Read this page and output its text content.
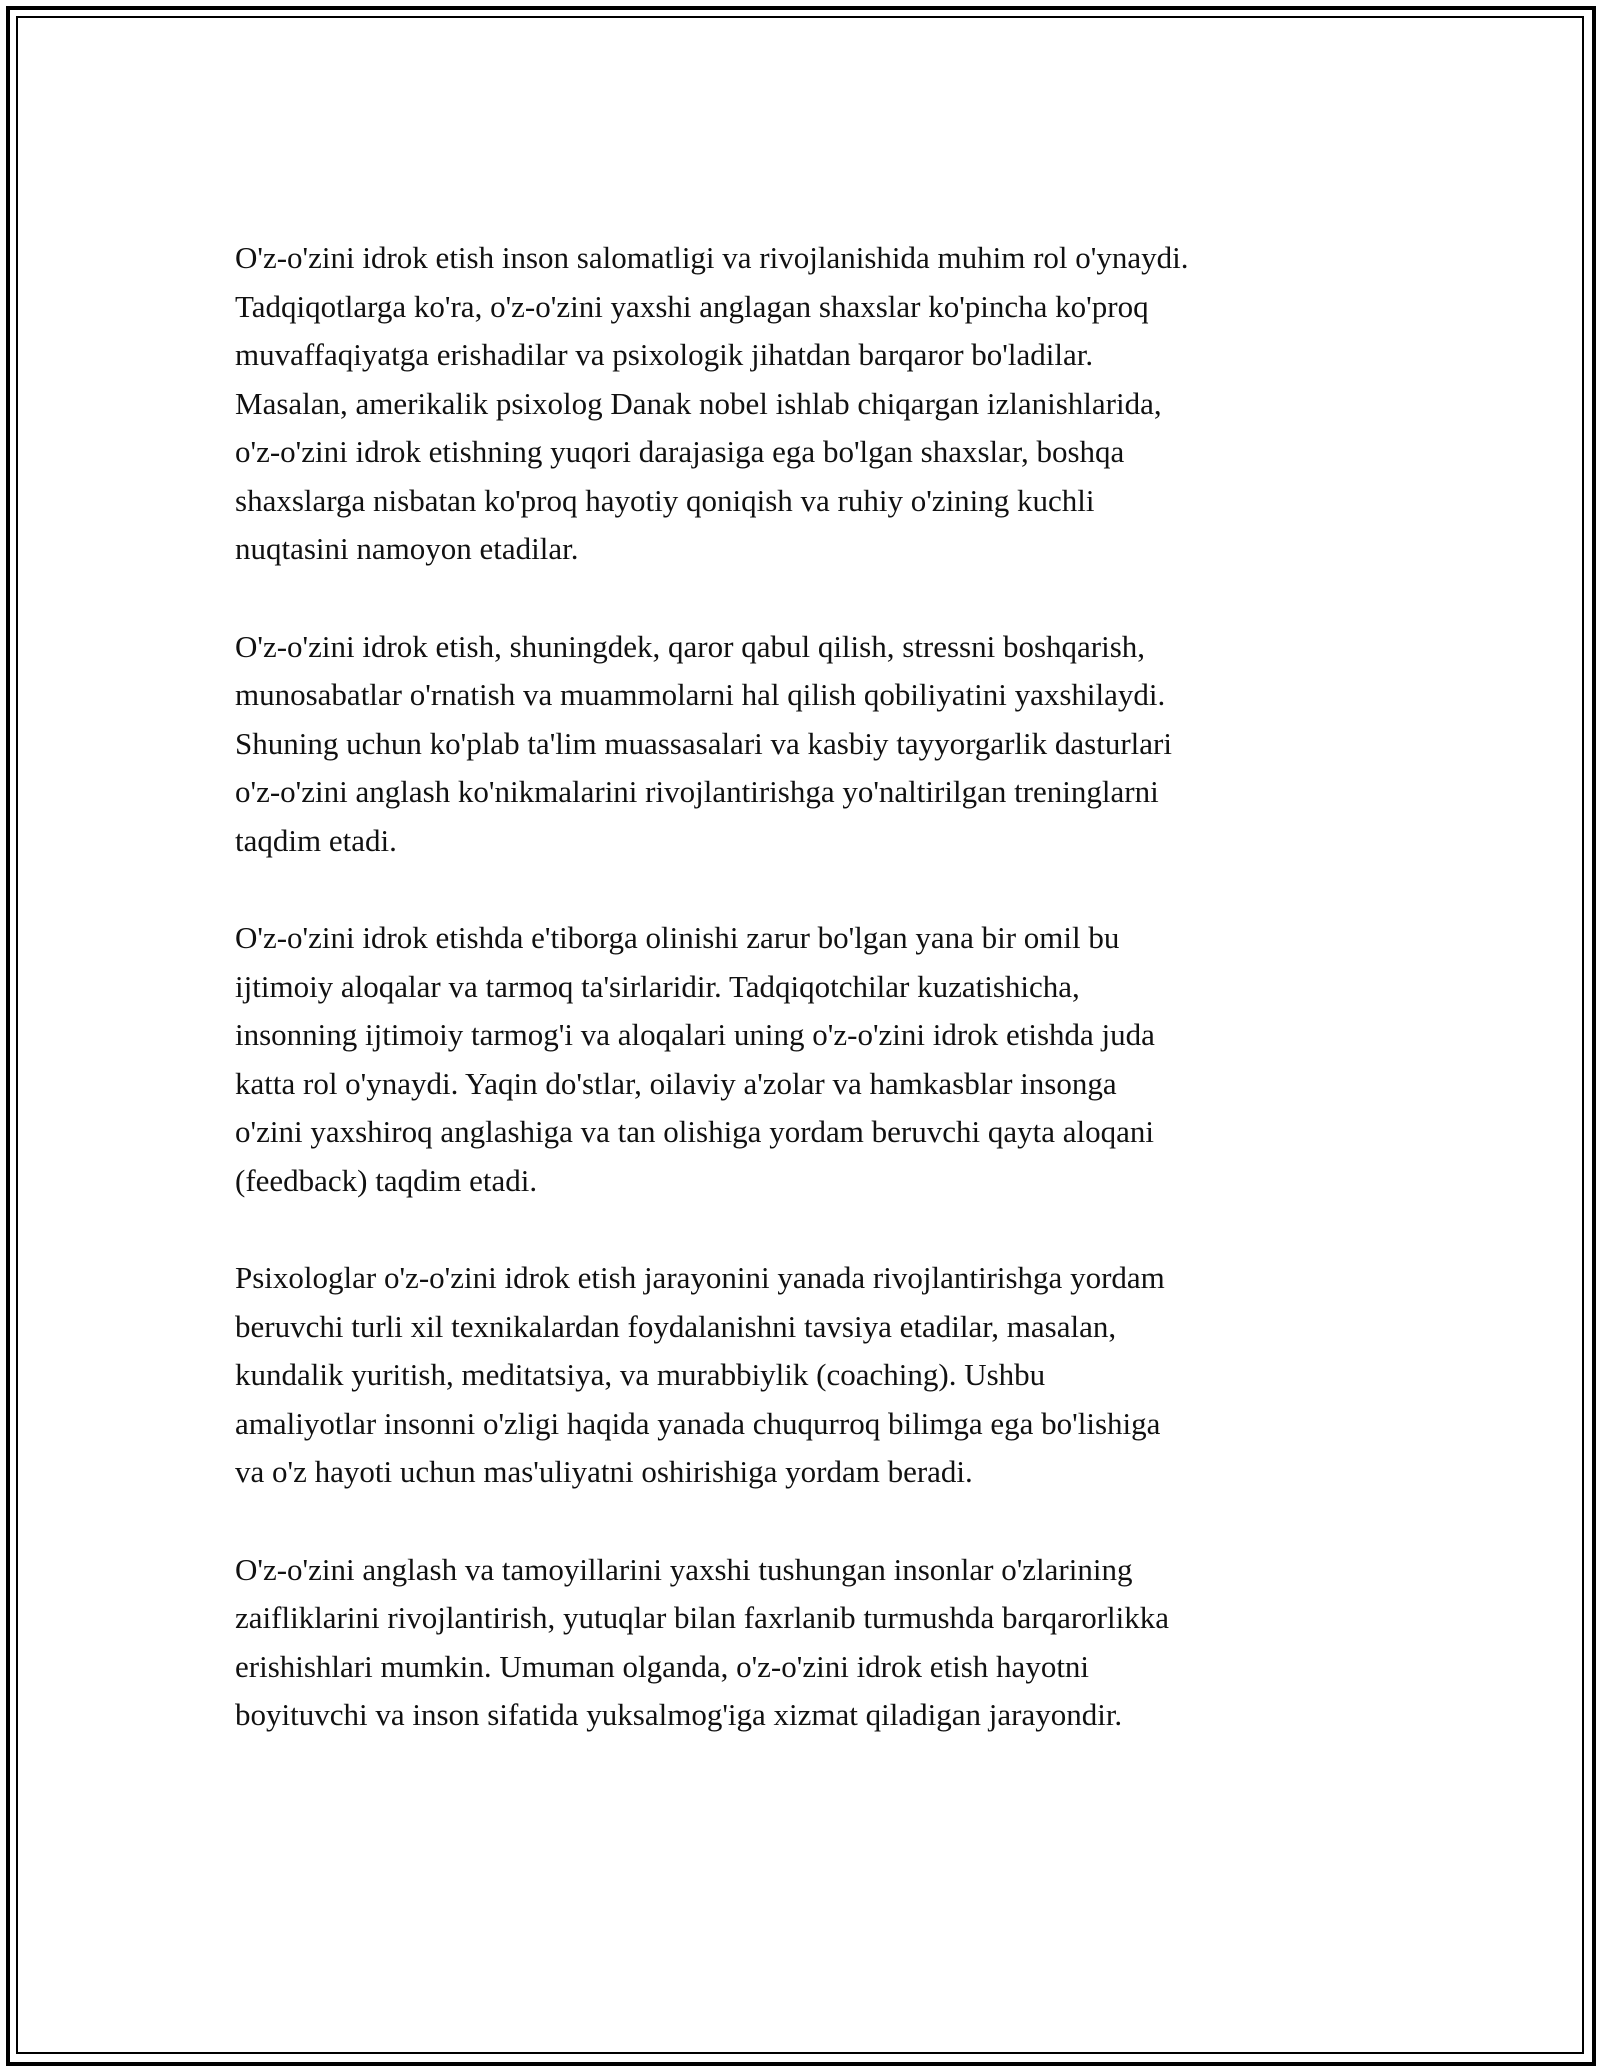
O'z-o'zini idrok etish inson salomatligi va rivojlanishida muhim rol o'ynaydi.
Tadqiqotlarga ko'ra, o'z-o'zini yaxshi anglagan shaxslar ko'pincha ko'proq
muvaffaqiyatga erishadilar va psixologik jihatdan barqaror bo'ladilar.
Masalan, amerikalik psixolog Danak nobel ishlab chiqargan izlanishlarida,
o'z-o'zini idrok etishning yuqori darajasiga ega bo'lgan shaxslar, boshqa
shaxslarga nisbatan ko'proq hayotiy qoniqish va ruhiy o'zining kuchli
nuqtasini namoyon etadilar.

O'z-o'zini idrok etish, shuningdek, qaror qabul qilish, stressni boshqarish,
munosabatlar o'rnatish va muammolarni hal qilish qobiliyatini yaxshilaydi.
Shuning uchun ko'plab ta'lim muassasalari va kasbiy tayyorgarlik dasturlari
o'z-o'zini anglash ko'nikmalarini rivojlantirishga yo'naltirilgan treninglarni
taqdim etadi.

O'z-o'zini idrok etishda e'tiborga olinishi zarur bo'lgan yana bir omil bu
ijtimoiy aloqalar va tarmoq ta'sirlaridir. Tadqiqotchilar kuzatishicha,
insonning ijtimoiy tarmog'i va aloqalari uning o'z-o'zini idrok etishda juda
katta rol o'ynaydi. Yaqin do'stlar, oilaviy a'zolar va hamkasblar insonga
o'zini yaxshiroq anglashiga va tan olishiga yordam beruvchi qayta aloqani
(feedback) taqdim etadi.

Psixologlar o'z-o'zini idrok etish jarayonini yanada rivojlantirishga yordam
beruvchi turli xil texnikalardan foydalanishni tavsiya etadilar, masalan,
kundalik yuritish, meditatsiya, va murabbiylik (coaching). Ushbu
amaliyotlar insonni o'zligi haqida yanada chuqurroq bilimga ega bo'lishiga
va o'z hayoti uchun mas'uliyatni oshirishiga yordam beradi.

O'z-o'zini anglash va tamoyillarini yaxshi tushungan insonlar o'zlarining
zaifliklarini rivojlantirish, yutuqlar bilan faxrlanib turmushda barqarorlikka
erishishlari mumkin. Umuman olganda, o'z-o'zini idrok etish hayotni
boyituvchi va inson sifatida yuksalmog'iga xizmat qiladigan jarayondir.
